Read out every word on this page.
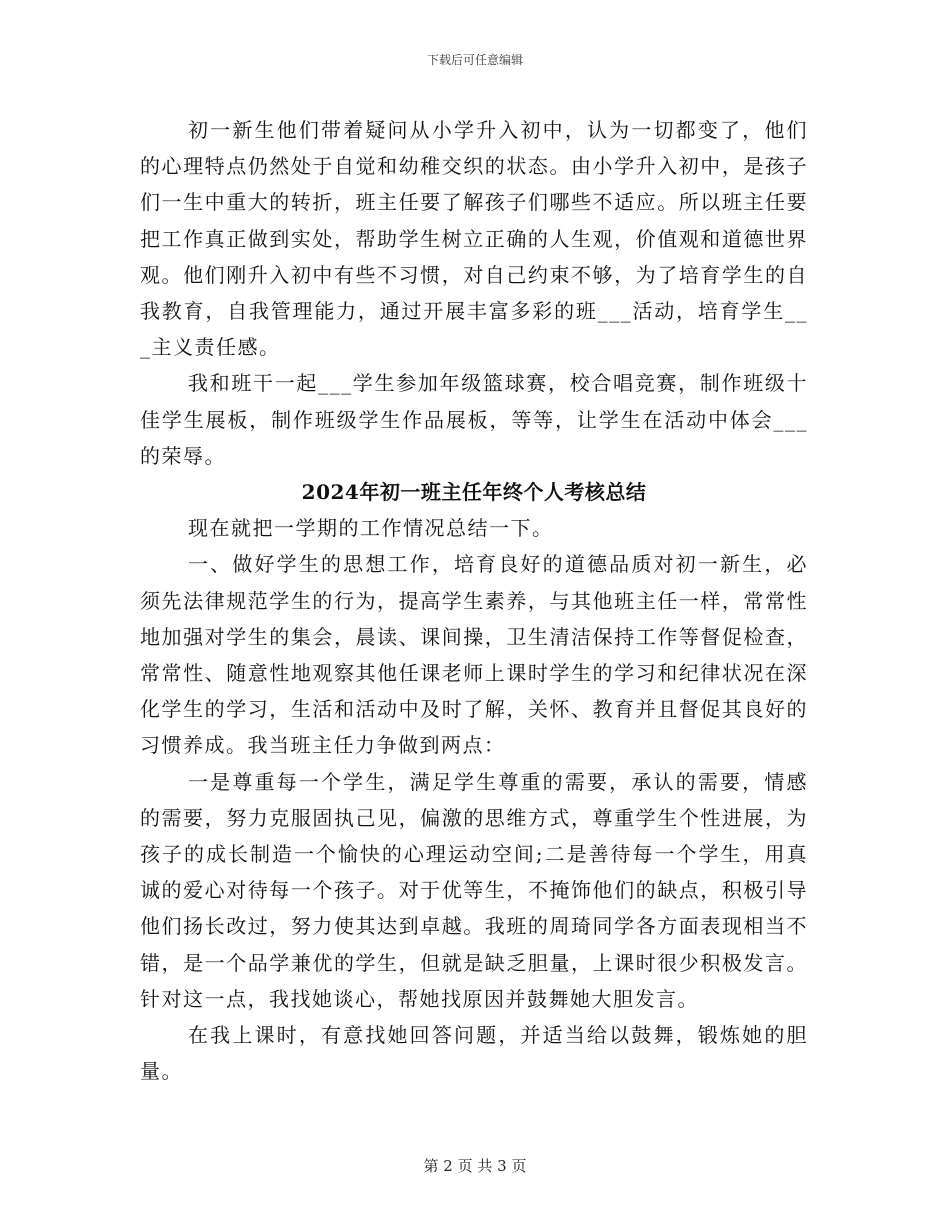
下载后可任意编辑

初一新生他们带着疑问从小学升入初中，认为一切都变了，他们的心理特点仍然处于自觉和幼稚交织的状态。由小学升入初中，是孩子们一生中重大的转折，班主任要了解孩子们哪些不适应。所以班主任要把工作真正做到实处，帮助学生树立正确的人生观，价值观和道德世界观。他们刚升入初中有些不习惯，对自己约束不够，为了培育学生的自我教育，自我管理能力，通过开展丰富多彩的班___活动，培育学生___主义责任感。

我和班干一起___学生参加年级篮球赛，校合唱竞赛，制作班级十佳学生展板，制作班级学生作品展板，等等，让学生在活动中体会___的荣辱。

2024年初一班主任年终个人考核总结

现在就把一学期的工作情况总结一下。

一、做好学生的思想工作，培育良好的道德品质对初一新生，必须先法律规范学生的行为，提高学生素养，与其他班主任一样，常常性地加强对学生的集会，晨读、课间操，卫生清洁保持工作等督促检查，常常性、随意性地观察其他任课老师上课时学生的学习和纪律状况在深化学生的学习，生活和活动中及时了解，关怀、教育并且督促其良好的习惯养成。我当班主任力争做到两点：

一是尊重每一个学生，满足学生尊重的需要，承认的需要，情感的需要，努力克服固执己见，偏激的思维方式，尊重学生个性进展，为孩子的成长制造一个愉快的心理运动空间;二是善待每一个学生，用真诚的爱心对待每一个孩子。对于优等生，不掩饰他们的缺点，积极引导他们扬长改过，努力使其达到卓越。我班的周琦同学各方面表现相当不错，是一个品学兼优的学生，但就是缺乏胆量，上课时很少积极发言。针对这一点，我找她谈心，帮她找原因并鼓舞她大胆发言。

在我上课时，有意找她回答问题，并适当给以鼓舞，锻炼她的胆量。

第 2 页 共 3 页
